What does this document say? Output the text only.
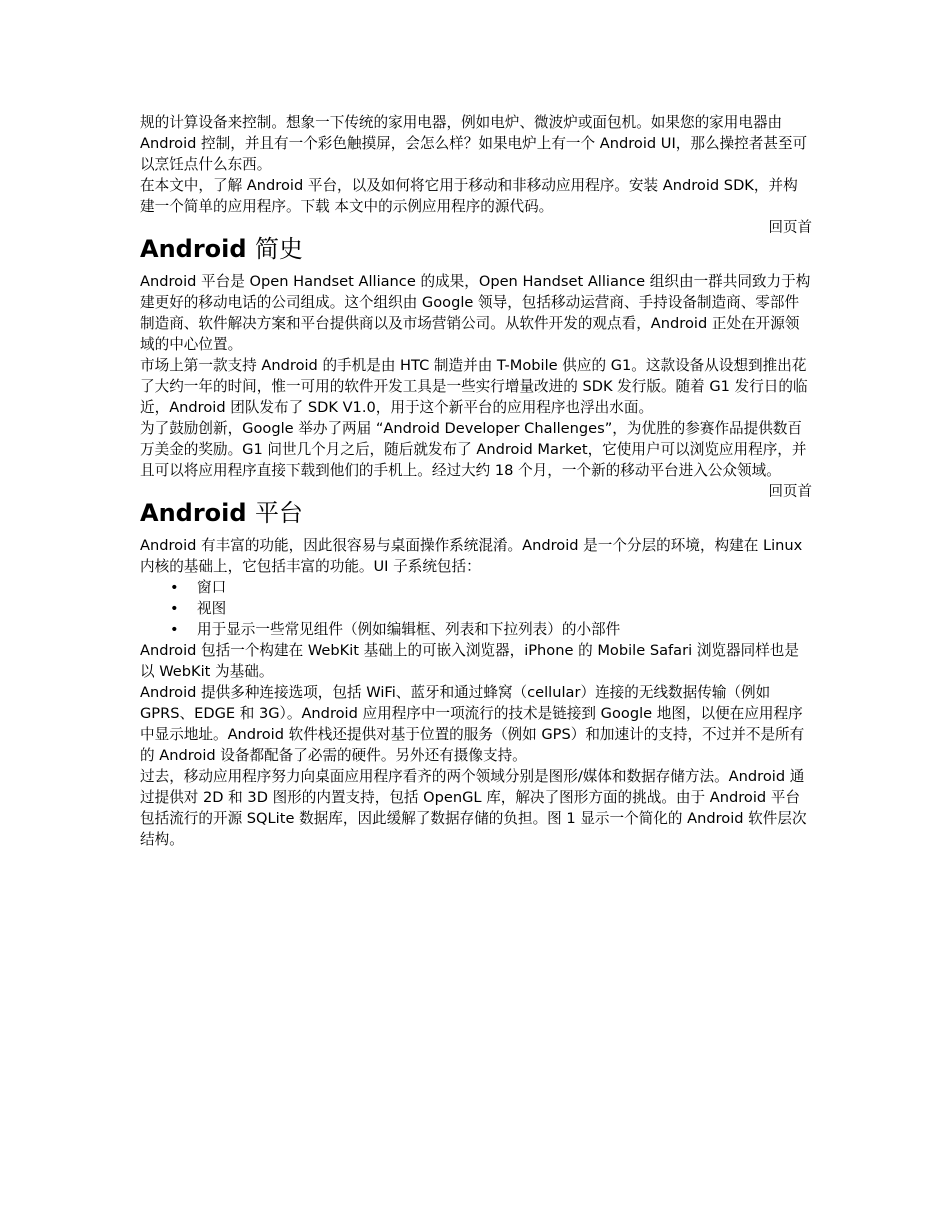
规的计算设备来控制。想象一下传统的家用电器，例如电炉、微波炉或面包机。如果您的家用电器由 Android 控制，并且有一个彩色触摸屏，会怎么样？如果电炉上有一个 Android UI，那么操控者甚至可以烹饪点什么东西。

在本文中，了解 Android 平台，以及如何将它用于移动和非移动应用程序。安装 Android SDK，并构建一个简单的应用程序。下载 本文中的示例应用程序的源代码。

回页首
Android 简史

Android 平台是 Open Handset Alliance 的成果，Open Handset Alliance 组织由一群共同致力于构建更好的移动电话的公司组成。这个组织由 Google 领导，包括移动运营商、手持设备制造商、零部件制造商、软件解决方案和平台提供商以及市场营销公司。从软件开发的观点看，Android 正处在开源领域的中心位置。

市场上第一款支持 Android 的手机是由 HTC 制造并由 T-Mobile 供应的 G1。这款设备从设想到推出花了大约一年的时间，惟一可用的软件开发工具是一些实行增量改进的 SDK 发行版。随着 G1 发行日的临近，Android 团队发布了 SDK V1.0，用于这个新平台的应用程序也浮出水面。

为了鼓励创新，Google 举办了两届 “Android Developer Challenges”，为优胜的参赛作品提供数百万美金的奖励。G1 问世几个月之后，随后就发布了 Android Market，它使用户可以浏览应用程序，并且可以将应用程序直接下载到他们的手机上。经过大约 18 个月，一个新的移动平台进入公众领域。

回页首
Android 平台

Android 有丰富的功能，因此很容易与桌面操作系统混淆。Android 是一个分层的环境，构建在 Linux 内核的基础上，它包括丰富的功能。UI 子系统包括：

• 窗口
• 视图
• 用于显示一些常见组件（例如编辑框、列表和下拉列表）的小部件

Android 包括一个构建在 WebKit 基础上的可嵌入浏览器，iPhone 的 Mobile Safari 浏览器同样也是以 WebKit 为基础。

Android 提供多种连接选项，包括 WiFi、蓝牙和通过蜂窝（cellular）连接的无线数据传输（例如 GPRS、EDGE 和 3G）。Android 应用程序中一项流行的技术是链接到 Google 地图，以便在应用程序中显示地址。Android 软件栈还提供对基于位置的服务（例如 GPS）和加速计的支持，不过并不是所有的 Android 设备都配备了必需的硬件。另外还有摄像支持。

过去，移动应用程序努力向桌面应用程序看齐的两个领域分别是图形/媒体和数据存储方法。Android 通过提供对 2D 和 3D 图形的内置支持，包括 OpenGL 库，解决了图形方面的挑战。由于 Android 平台包括流行的开源 SQLite 数据库，因此缓解了数据存储的负担。图 1 显示一个简化的 Android 软件层次结构。
